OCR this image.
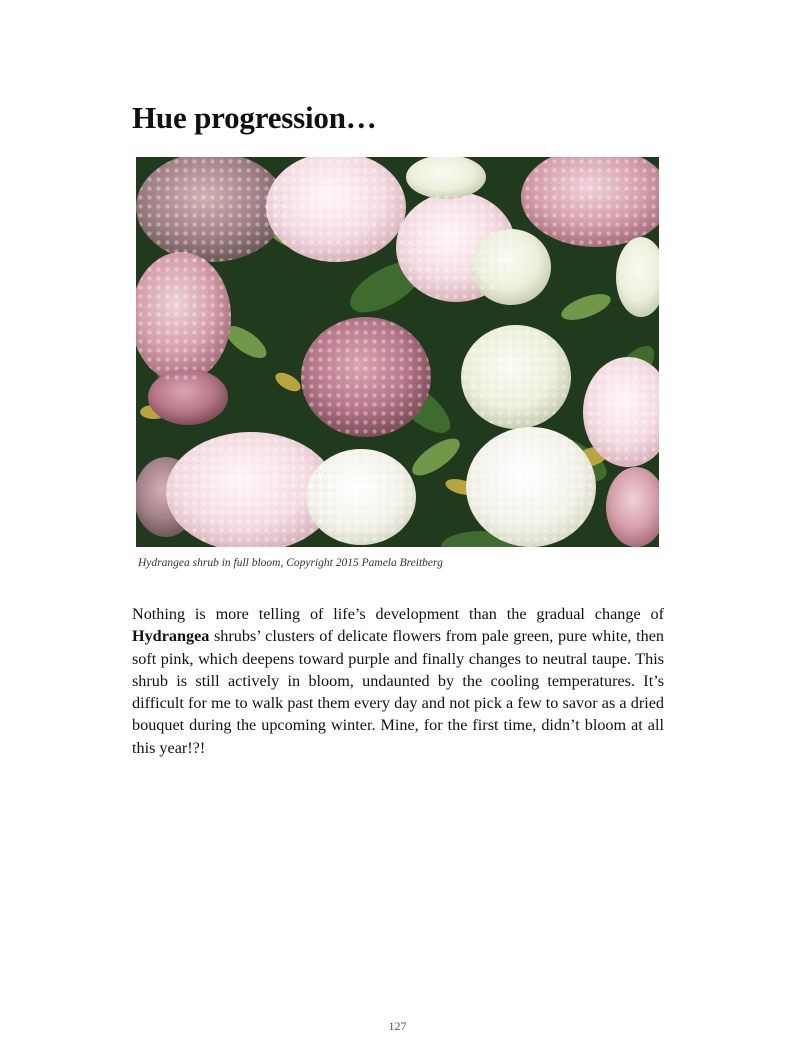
Hue progression…
Hydrangea shrub in full bloom, Copyright 2015 Pamela Breitberg

Nothing is more telling of life’s development than the gradual change of Hydrangea shrubs’ clusters of delicate flowers from pale green, pure white, then soft pink, which deepens toward purple and finally changes to neutral taupe. This shrub is still actively in bloom, undaunted by the cooling temperatures. It’s difficult for me to walk past them every day and not pick a few to savor as a dried bouquet during the upcoming winter. Mine, for the first time, didn’t bloom at all this year!?!

127
